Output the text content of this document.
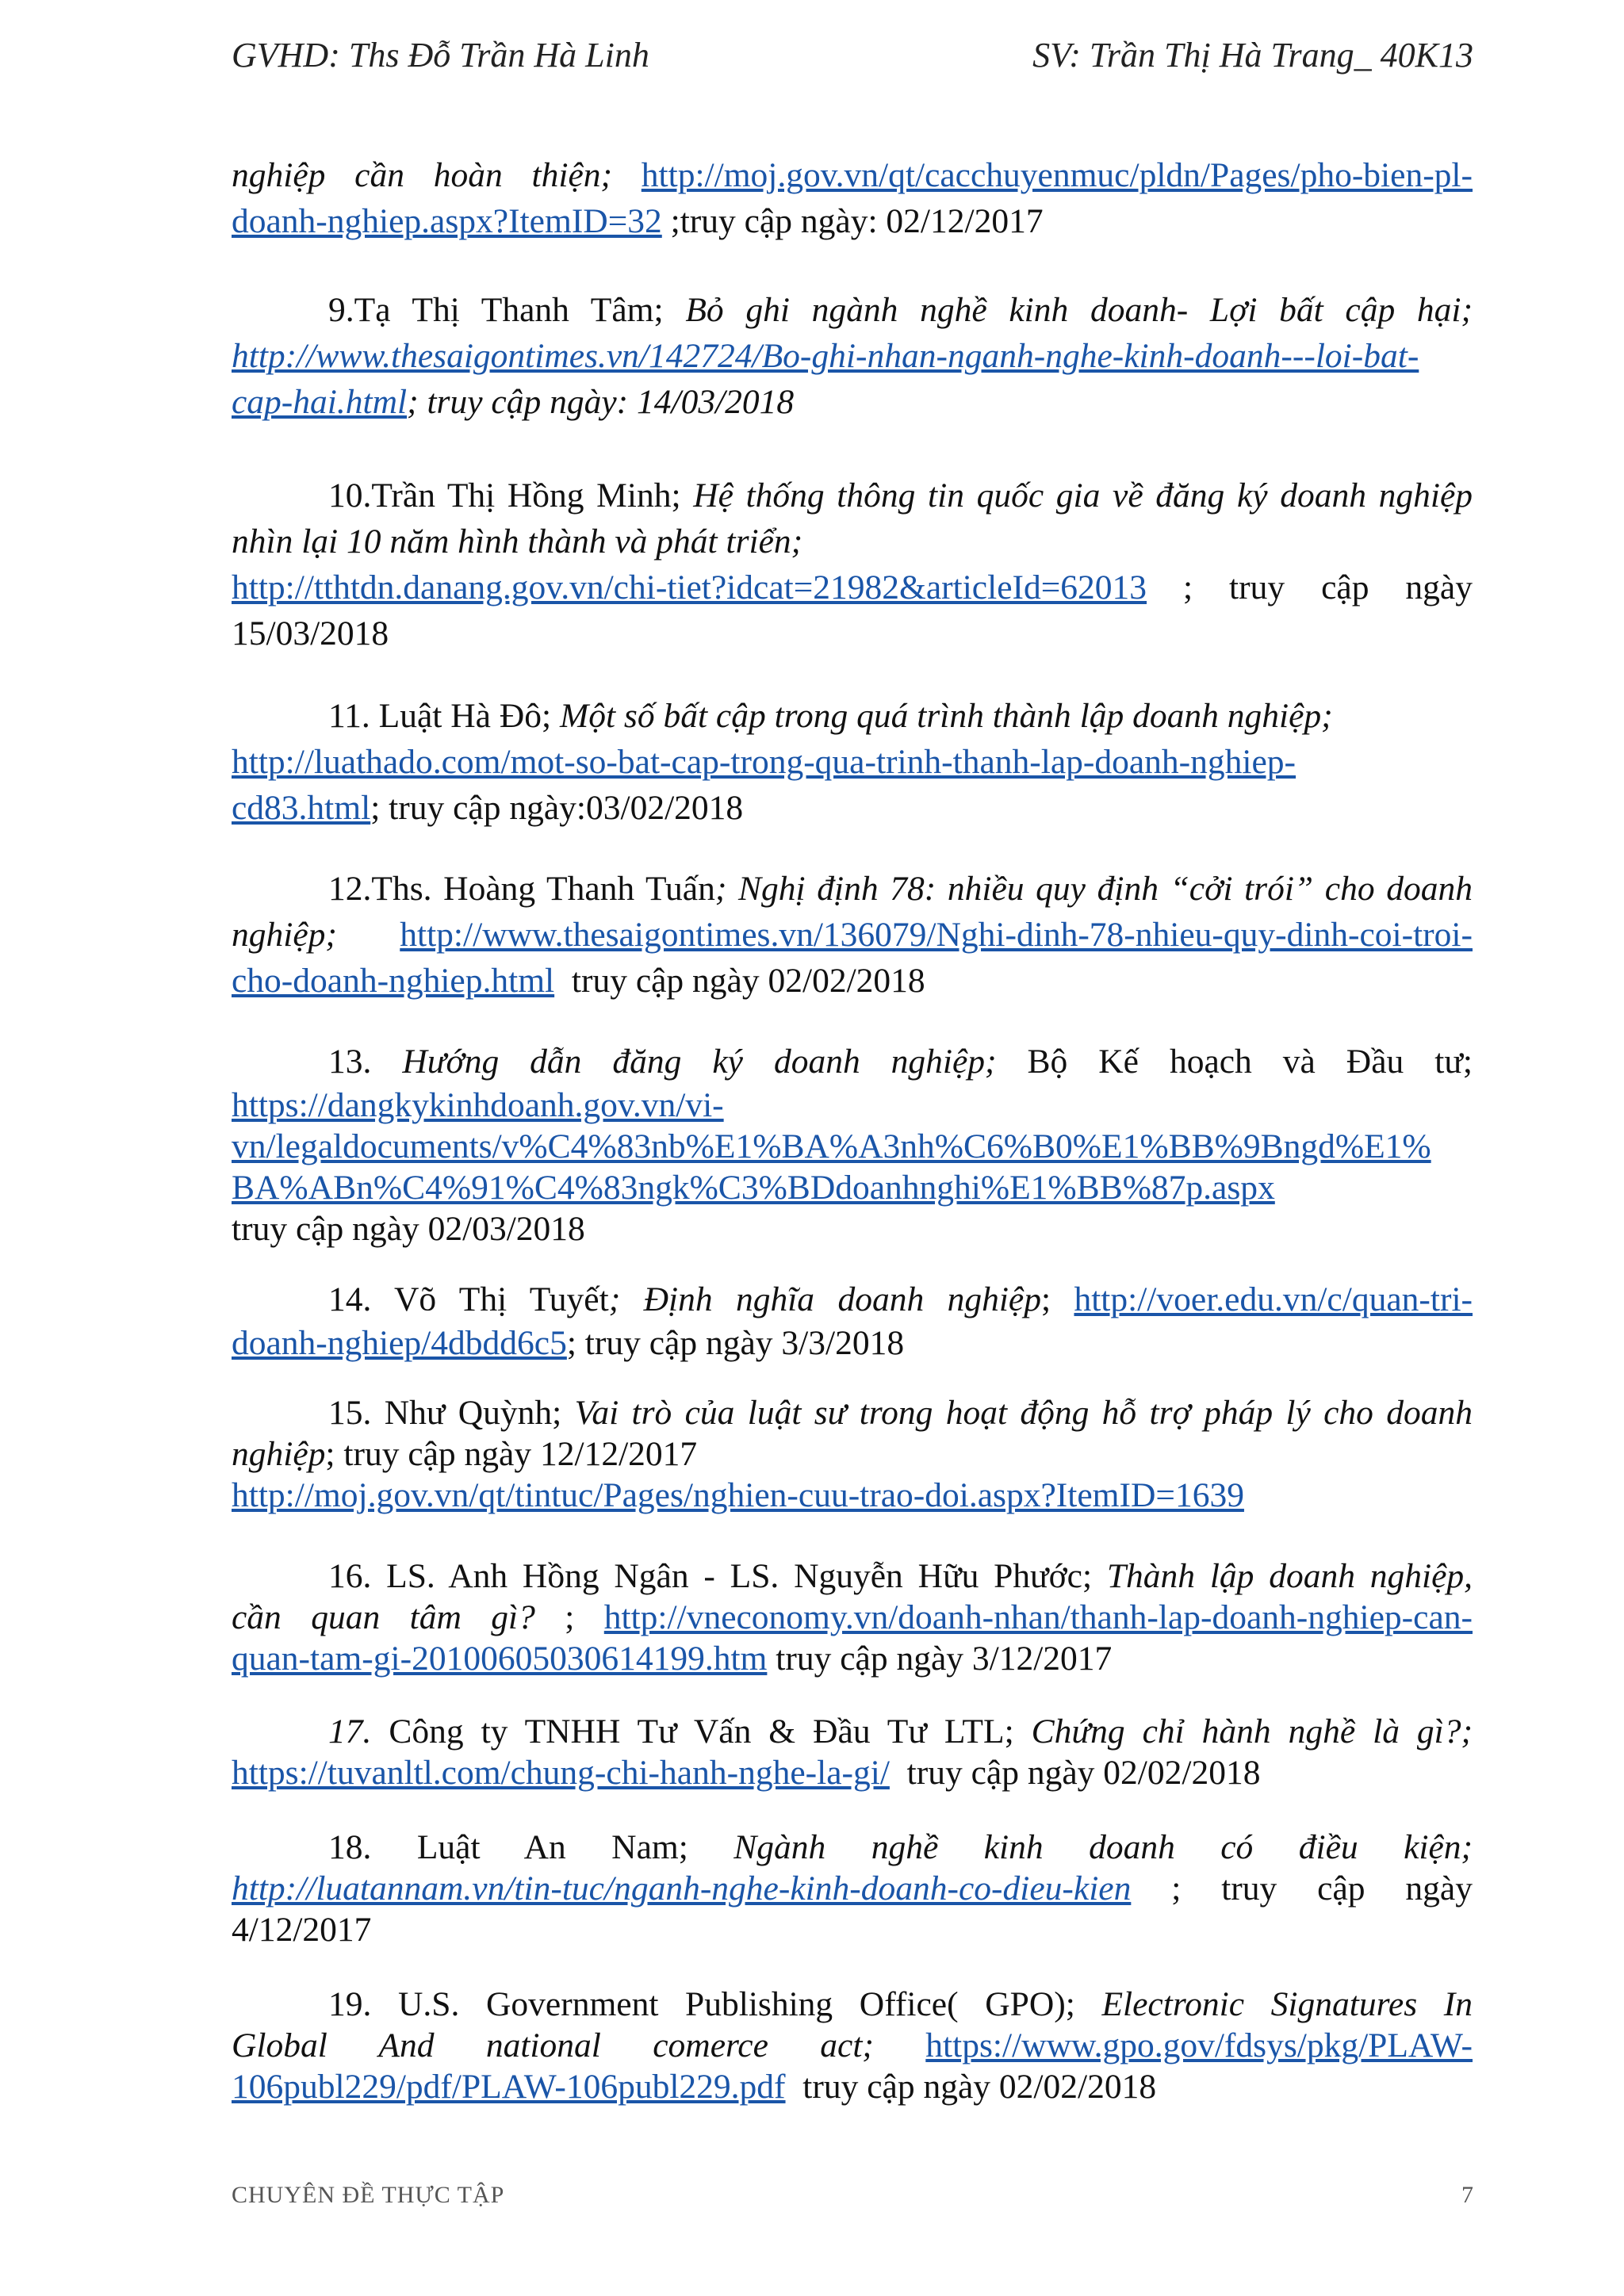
GVHD: Ths Đỗ Trần Hà Linh	SV: Trần Thị Hà Trang_ 40K13
nghiệp cần hoàn thiện; http://moj.gov.vn/qt/cacchuyenmuc/pldn/Pages/pho-bien-pl-
doanh-nghiep.aspx?ItemID=32 ;truy cập ngày: 02/12/2017
9.Tạ Thị Thanh Tâm; Bỏ ghi ngành nghề kinh doanh- Lợi bất cập hại;
http://www.thesaigontimes.vn/142724/Bo-ghi-nhan-nganh-nghe-kinh-doanh---loi-bat-
cap-hai.html; truy cập ngày: 14/03/2018
10.Trần Thị Hồng Minh; Hệ thống thông tin quốc gia về đăng ký doanh nghiệp
nhìn lại 10 năm hình thành và phát triển;
http://tthtdn.danang.gov.vn/chi-tiet?idcat=21982&articleId=62013 ; truy cập ngày
15/03/2018
11. Luật Hà Đô; Một số bất cập trong quá trình thành lập doanh nghiệp;
http://luathado.com/mot-so-bat-cap-trong-qua-trinh-thanh-lap-doanh-nghiep-
cd83.html; truy cập ngày:03/02/2018
12.Ths. Hoàng Thanh Tuấn; Nghị định 78: nhiều quy định “cởi trói” cho doanh
nghiệp; http://www.thesaigontimes.vn/136079/Nghi-dinh-78-nhieu-quy-dinh-coi-troi-
cho-doanh-nghiep.html truy cập ngày 02/02/2018
13. Hướng dẫn đăng ký doanh nghiệp; Bộ Kế hoạch và Đầu tư;
https://dangkykinhdoanh.gov.vn/vi-
vn/legaldocuments/v%C4%83nb%E1%BA%A3nh%C6%B0%E1%BB%9Bngd%E1%
BA%ABn%C4%91%C4%83ngk%C3%BDdoanhnghi%E1%BB%87p.aspx
truy cập ngày 02/03/2018
14. Võ Thị Tuyết; Định nghĩa doanh nghiệp; http://voer.edu.vn/c/quan-tri-
doanh-nghiep/4dbdd6c5; truy cập ngày 3/3/2018
15. Như Quỳnh; Vai trò của luật sư trong hoạt động hỗ trợ pháp lý cho doanh
nghiệp; truy cập ngày 12/12/2017
http://moj.gov.vn/qt/tintuc/Pages/nghien-cuu-trao-doi.aspx?ItemID=1639
16. LS. Anh Hồng Ngân - LS. Nguyễn Hữu Phước; Thành lập doanh nghiệp,
cần quan tâm gì? ; http://vneconomy.vn/doanh-nhan/thanh-lap-doanh-nghiep-can-
quan-tam-gi-20100605030614199.htm truy cập ngày 3/12/2017
17. Công ty TNHH Tư Vấn & Đầu Tư LTL; Chứng chỉ hành nghề là gì?;
https://tuvanltl.com/chung-chi-hanh-nghe-la-gi/ truy cập ngày 02/02/2018
18. Luật An Nam; Ngành nghề kinh doanh có điều kiện;
http://luatannam.vn/tin-tuc/nganh-nghe-kinh-doanh-co-dieu-kien ; truy cập ngày
4/12/2017
19. U.S. Government Publishing Office( GPO); Electronic Signatures In
Global And national comerce act; https://www.gpo.gov/fdsys/pkg/PLAW-
106publ229/pdf/PLAW-106publ229.pdf truy cập ngày 02/02/2018
CHUYÊN ĐỀ THỰC TẬP	7
